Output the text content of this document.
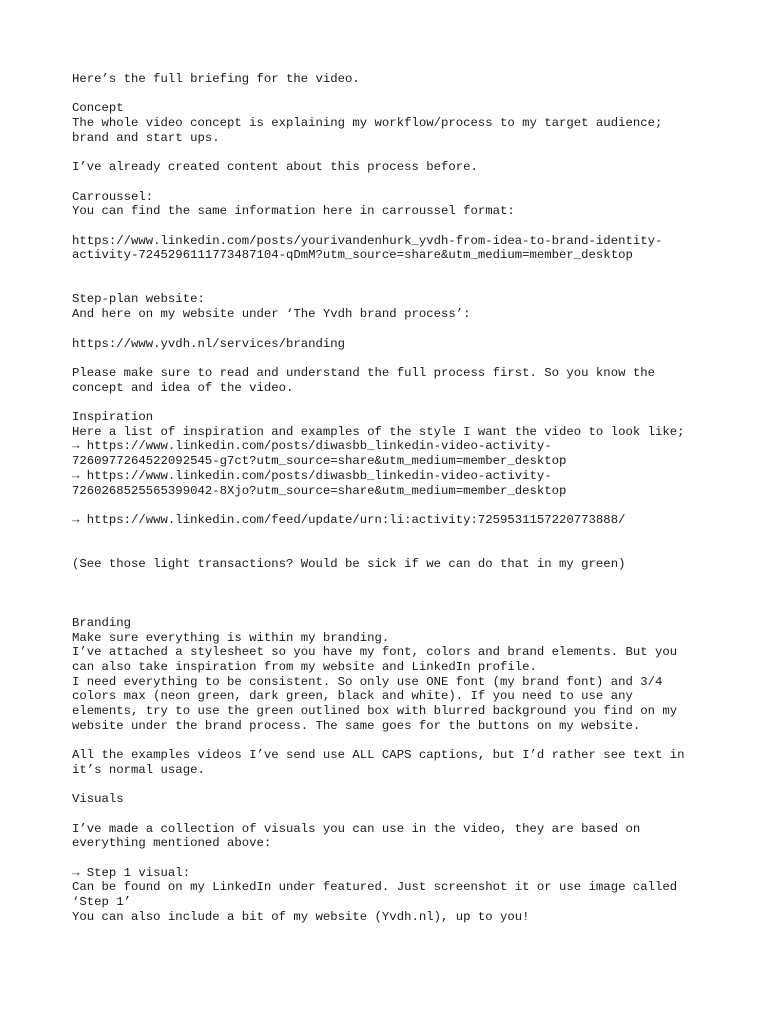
Here’s the full briefing for the video.
Concept
The whole video concept is explaining my workflow/process to my target audience;
brand and start ups.
I’ve already created content about this process before.
Carroussel:
You can find the same information here in carroussel format:
https://www.linkedin.com/posts/yourivandenhurk_yvdh-from-idea-to-brand-identity-
activity-7245296111773487104-qDmM?utm_source=share&utm_medium=member_desktop
Step-plan website:
And here on my website under ‘The Yvdh brand process’:
https://www.yvdh.nl/services/branding
Please make sure to read and understand the full process first. So you know the
concept and idea of the video.
Inspiration
Here a list of inspiration and examples of the style I want the video to look like;
→ https://www.linkedin.com/posts/diwasbb_linkedin-video-activity-
7260977264522092545-g7ct?utm_source=share&utm_medium=member_desktop
→ https://www.linkedin.com/posts/diwasbb_linkedin-video-activity-
7260268525565399042-8Xjo?utm_source=share&utm_medium=member_desktop
→ https://www.linkedin.com/feed/update/urn:li:activity:7259531157220773888/
(See those light transactions? Would be sick if we can do that in my green)
Branding
Make sure everything is within my branding.
I’ve attached a stylesheet so you have my font, colors and brand elements. But you
can also take inspiration from my website and LinkedIn profile.
I need everything to be consistent. So only use ONE font (my brand font) and 3/4
colors max (neon green, dark green, black and white). If you need to use any
elements, try to use the green outlined box with blurred background you find on my
website under the brand process. The same goes for the buttons on my website.
All the examples videos I’ve send use ALL CAPS captions, but I’d rather see text in
it’s normal usage.
Visuals
I’ve made a collection of visuals you can use in the video, they are based on
everything mentioned above:
→ Step 1 visual:
Can be found on my LinkedIn under featured. Just screenshot it or use image called
‘Step 1’
You can also include a bit of my website (Yvdh.nl), up to you!
